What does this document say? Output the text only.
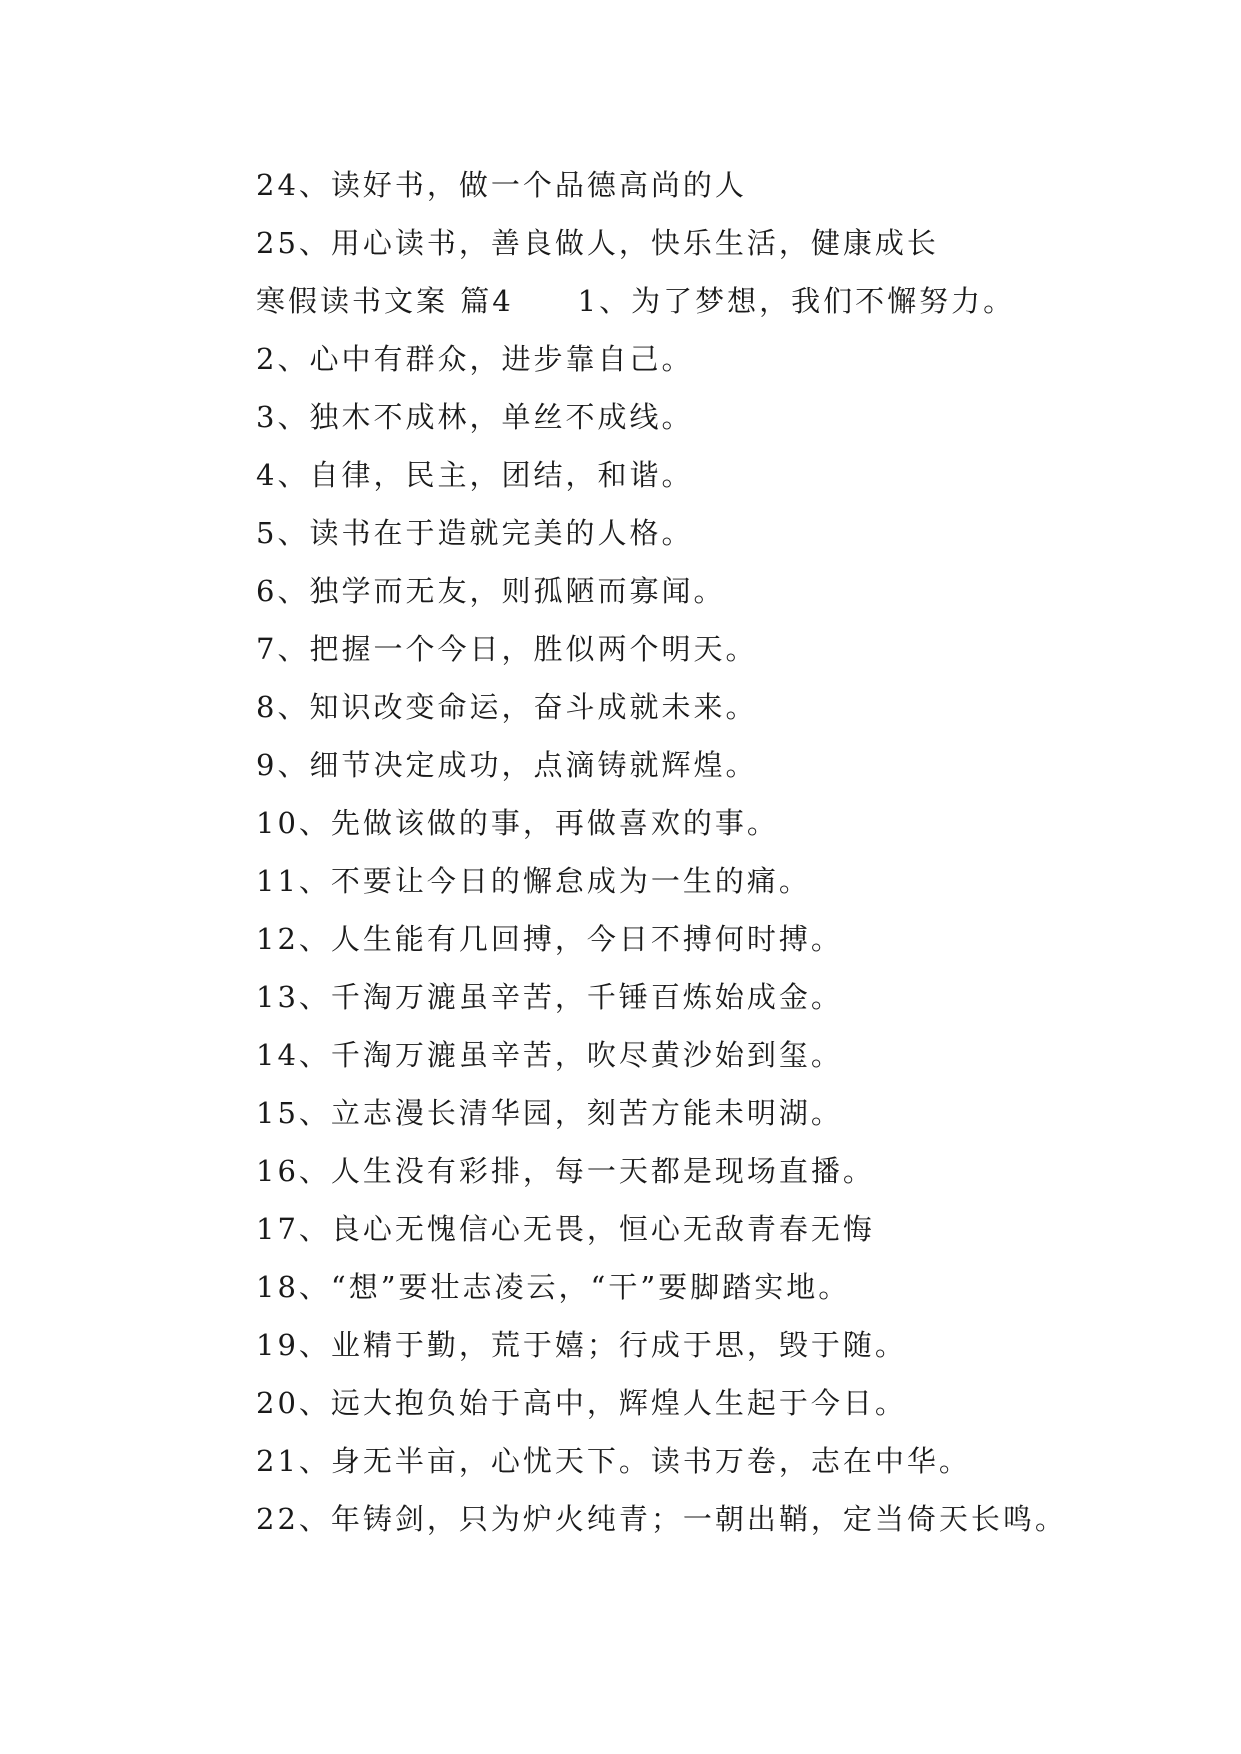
24、读好书，做一个品德高尚的人
25、用心读书，善良做人，快乐生活，健康成长
寒假读书文案 篇4 1、为了梦想，我们不懈努力。
2、心中有群众，进步靠自己。
3、独木不成林，单丝不成线。
4、自律，民主，团结，和谐。
5、读书在于造就完美的人格。
6、独学而无友，则孤陋而寡闻。
7、把握一个今日，胜似两个明天。
8、知识改变命运，奋斗成就未来。
9、细节决定成功，点滴铸就辉煌。
10、先做该做的事，再做喜欢的事。
11、不要让今日的懈怠成为一生的痛。
12、人生能有几回搏，今日不搏何时搏。
13、千淘万漉虽辛苦，千锤百炼始成金。
14、千淘万漉虽辛苦，吹尽黄沙始到玺。
15、立志漫长清华园，刻苦方能未明湖。
16、人生没有彩排，每一天都是现场直播。
17、良心无愧信心无畏，恒心无敌青春无悔
18、“想”要壮志凌云，“干”要脚踏实地。
19、业精于勤，荒于嬉；行成于思，毁于随。
20、远大抱负始于高中，辉煌人生起于今日。
21、身无半亩，心忧天下。读书万卷，志在中华。
22、年铸剑，只为炉火纯青；一朝出鞘，定当倚天长鸣。
